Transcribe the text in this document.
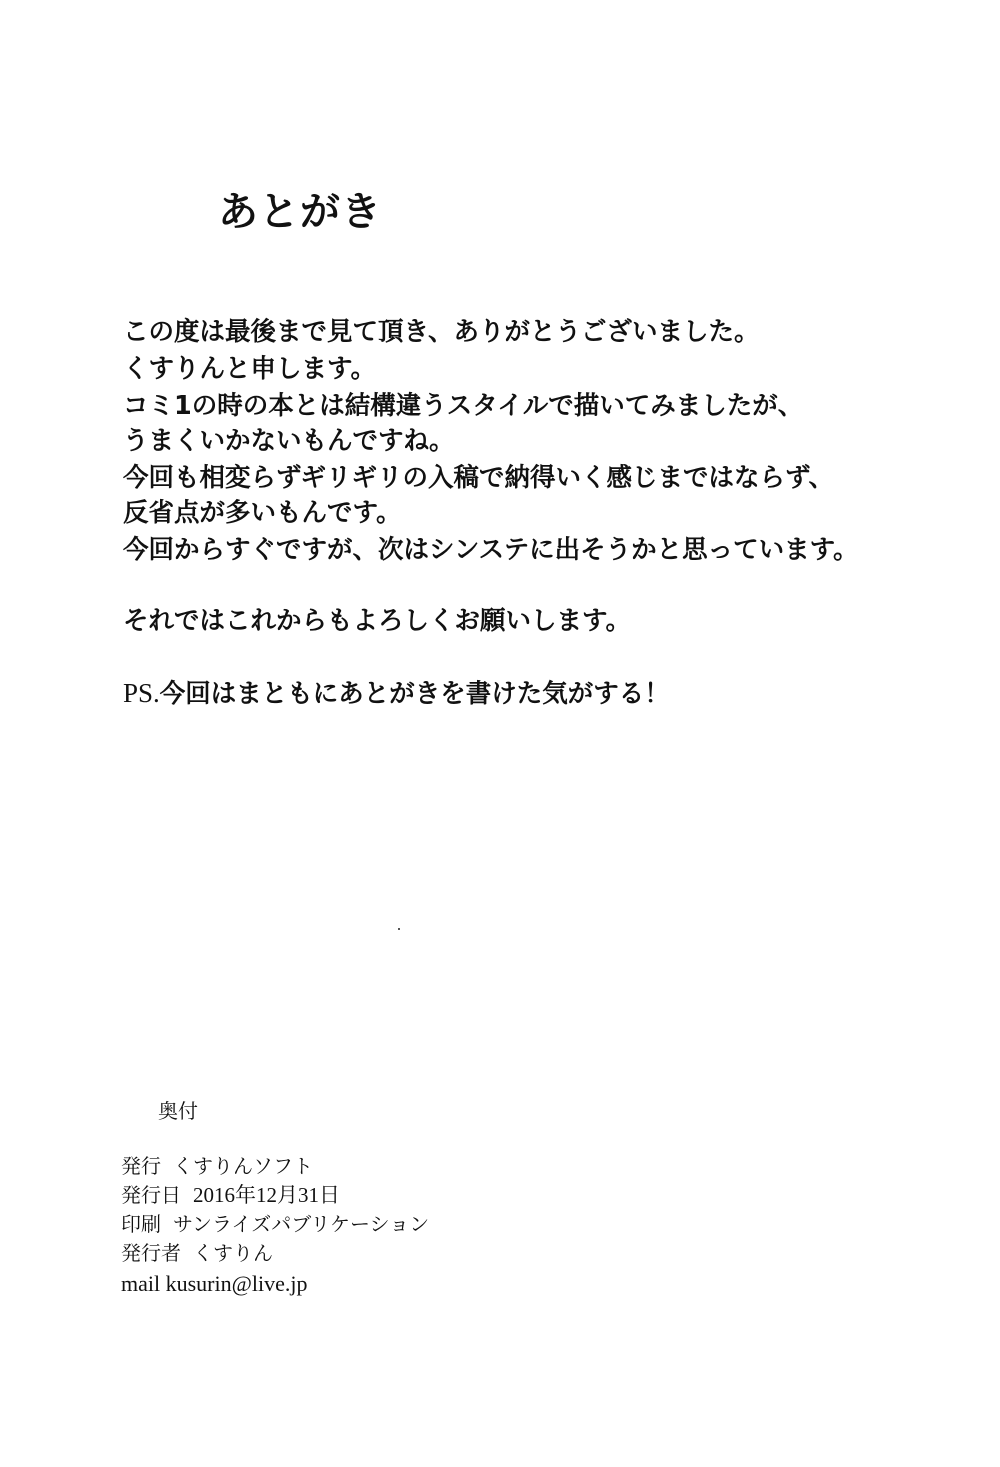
あとがき
この度は最後まで見て頂き、ありがとうございました。
くすりんと申します。
コミ1の時の本とは結構違うスタイルで描いてみましたが、
うまくいかないもんですね。
今回も相変らずギリギリの入稿で納得いく感じまではならず、
反省点が多いもんです。
今回からすぐですが、次はシンステに出そうかと思っています。
それではこれからもよろしくお願いします。
PS.今回はまともにあとがきを書けた気がする！
奥付
発行 くすりんソフト
発行日 2016年12月31日
印刷 サンライズパブリケーション
発行者 くすりん
mail kusurin@live.jp
